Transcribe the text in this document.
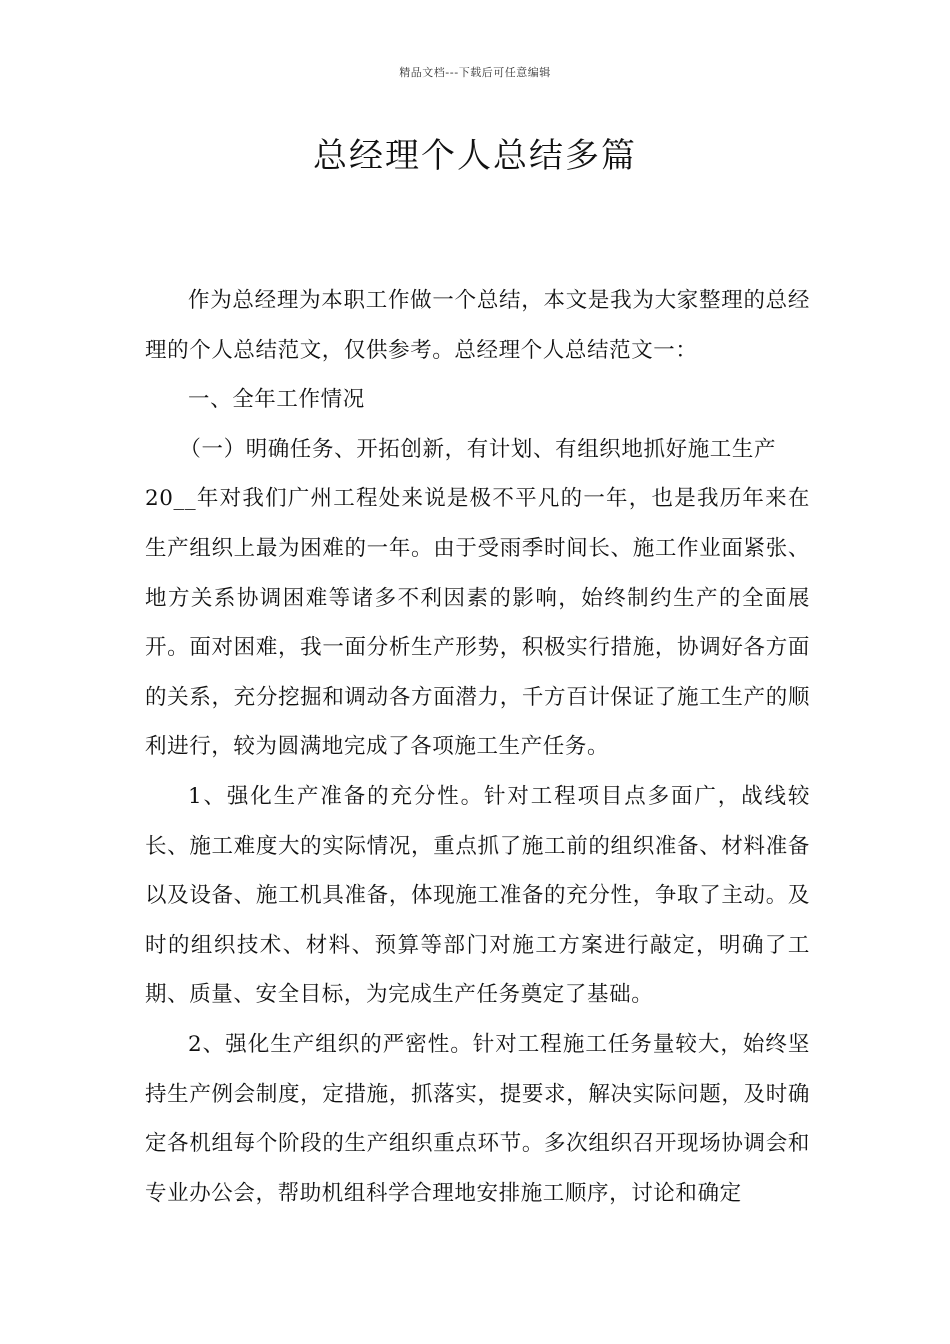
精品文档---下载后可任意编辑
总经理个人总结多篇

作为总经理为本职工作做一个总结，本文是我为大家整理的总经理的个人总结范文，仅供参考。总经理个人总结范文一：

一、全年工作情况

（一）明确任务、开拓创新，有计划、有组织地抓好施工生产

20__年对我们广州工程处来说是极不平凡的一年，也是我历年来在生产组织上最为困难的一年。由于受雨季时间长、施工作业面紧张、地方关系协调困难等诸多不利因素的影响，始终制约生产的全面展开。面对困难，我一面分析生产形势，积极实行措施，协调好各方面的关系，充分挖掘和调动各方面潜力，千方百计保证了施工生产的顺利进行，较为圆满地完成了各项施工生产任务。

1、强化生产准备的充分性。针对工程项目点多面广，战线较长、施工难度大的实际情况，重点抓了施工前的组织准备、材料准备以及设备、施工机具准备，体现施工准备的充分性，争取了主动。及时的组织技术、材料、预算等部门对施工方案进行敲定，明确了工期、质量、安全目标，为完成生产任务奠定了基础。

2、强化生产组织的严密性。针对工程施工任务量较大，始终坚持生产例会制度，定措施，抓落实，提要求，解决实际问题，及时确定各机组每个阶段的生产组织重点环节。多次组织召开现场协调会和专业办公会，帮助机组科学合理地安排施工顺序，讨论和确定
